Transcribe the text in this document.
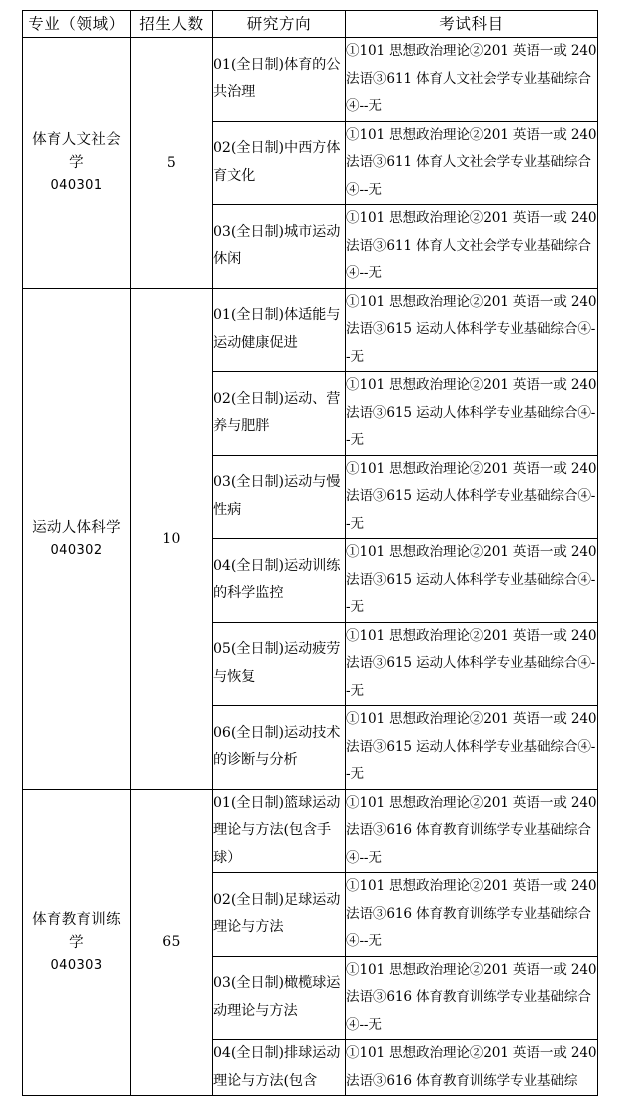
专业（领域）	招生人数	研究方向	考试科目

体育人文社会
学
040301	5	01(全日制)体育的公共治理	①101 思想政治理论②201 英语一或 240 法语③611 体育人文社会学专业基础综合④--无
		02(全日制)中西方体育文化	①101 思想政治理论②201 英语一或 240 法语③611 体育人文社会学专业基础综合④--无
		03(全日制)城市运动休闲	①101 思想政治理论②201 英语一或 240 法语③611 体育人文社会学专业基础综合④--无

运动人体科学
040302	10	01(全日制)体适能与运动健康促进	①101 思想政治理论②201 英语一或 240 法语③615 运动人体科学专业基础综合④--无
		02(全日制)运动、营养与肥胖	①101 思想政治理论②201 英语一或 240 法语③615 运动人体科学专业基础综合④--无
		03(全日制)运动与慢性病	①101 思想政治理论②201 英语一或 240 法语③615 运动人体科学专业基础综合④--无
		04(全日制)运动训练的科学监控	①101 思想政治理论②201 英语一或 240 法语③615 运动人体科学专业基础综合④--无
		05(全日制)运动疲劳与恢复	①101 思想政治理论②201 英语一或 240 法语③615 运动人体科学专业基础综合④--无
		06(全日制)运动技术的诊断与分析	①101 思想政治理论②201 英语一或 240 法语③615 运动人体科学专业基础综合④--无

体育教育训练
学
040303	65	01(全日制)篮球运动理论与方法(包含手球）	①101 思想政治理论②201 英语一或 240 法语③616 体育教育训练学专业基础综合④--无
		02(全日制)足球运动理论与方法	①101 思想政治理论②201 英语一或 240 法语③616 体育教育训练学专业基础综合④--无
		03(全日制)橄榄球运动理论与方法	①101 思想政治理论②201 英语一或 240 法语③616 体育教育训练学专业基础综合④--无
		04(全日制)排球运动理论与方法(包含	①101 思想政治理论②201 英语一或 240 法语③616 体育教育训练学专业基础综
